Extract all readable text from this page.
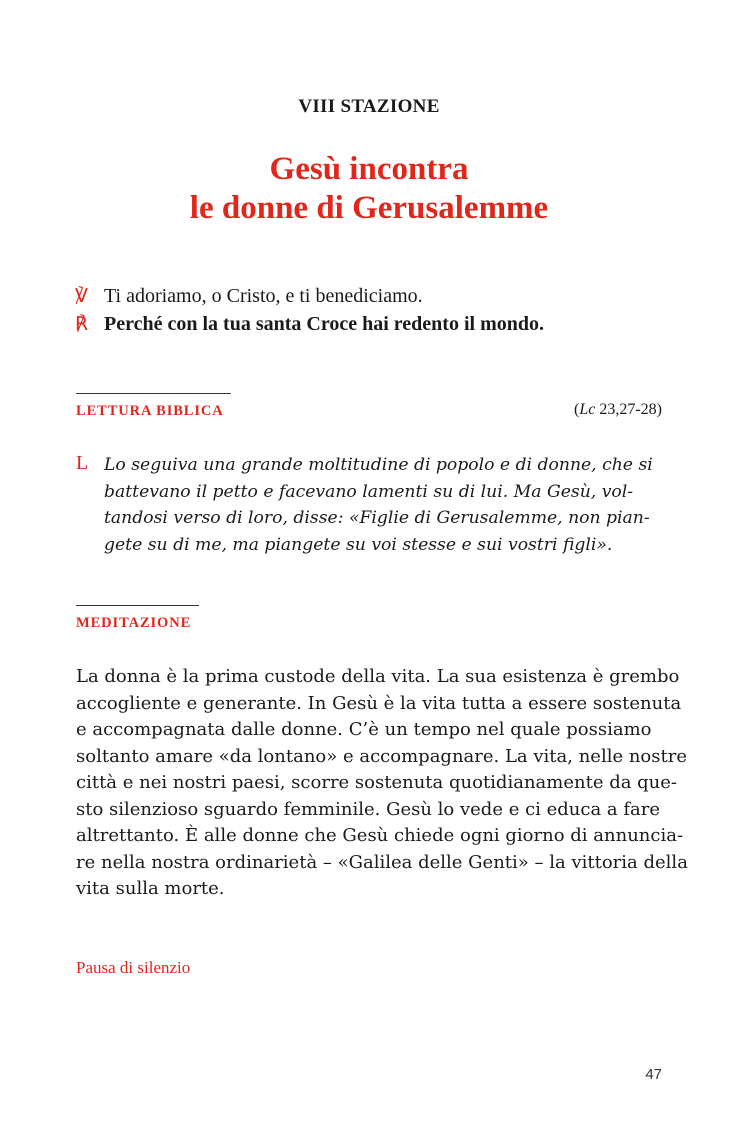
VIII STAZIONE
Gesù incontra
le donne di Gerusalemme
℣ Ti adoriamo, o Cristo, e ti benediciamo.
℟ Perché con la tua santa Croce hai redento il mondo.
LETTURA BIBLICA	(Lc 23,27-28)
L Lo seguiva una grande moltitudine di popolo e di donne, che si

battevano il petto e facevano lamenti su di lui. Ma Gesù, vol-

tandosi verso di loro, disse: «Figlie di Gerusalemme, non pian-

gete su di me, ma piangete su voi stesse e sui vostri figli».

MEDITAZIONE

La donna è la prima custode della vita. La sua esistenza è grembo

accogliente e generante. In Gesù è la vita tutta a essere sostenuta

e accompagnata dalle donne. C’è un tempo nel quale possiamo

soltanto amare «da lontano» e accompagnare. La vita, nelle nostre

città e nei nostri paesi, scorre sostenuta quotidianamente da que-

sto silenzioso sguardo femminile. Gesù lo vede e ci educa a fare

altrettanto. È alle donne che Gesù chiede ogni giorno di annuncia-

re nella nostra ordinarietà – «Galilea delle Genti» – la vittoria della

vita sulla morte.

Pausa di silenzio
47
